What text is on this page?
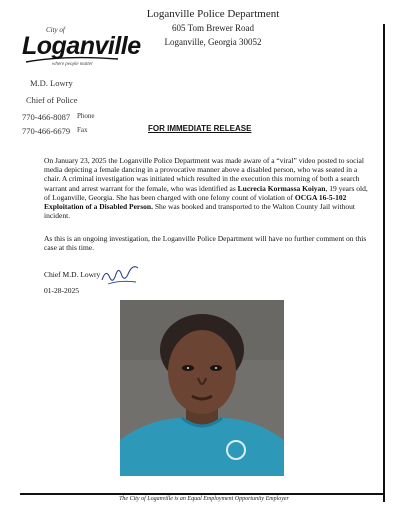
City of
Loganville
where people matter
Loganville Police Department
605 Tom Brewer Road
Loganville, Georgia 30052
M.D. Lowry
Chief of Police
770-466-8087 Phone
770-466-6679 Fax	FOR IMMEDIATE RELEASE
On January 23, 2025 the Loganville Police Department was made aware of a “viral” video posted to social media depicting a female dancing in a provocative manner above a disabled person, who was seated in a chair. A criminal investigation was initiated which resulted in the execution this morning of both a search warrant and arrest warrant for the female, who was identified as Lucrecia Kormassa Koiyan, 19 years old, of Loganville, Georgia. She has been charged with one felony count of violation of OCGA 16-5-102 Exploitation of a Disabled Person. She was booked and transported to the Walton County Jail without incident.
As this is an ongoing investigation, the Loganville Police Department will have no further comment on this case at this time.
Chief M.D. Lowry
01-28-2025
The City of Loganville is an Equal Employment Opportunity Employer
